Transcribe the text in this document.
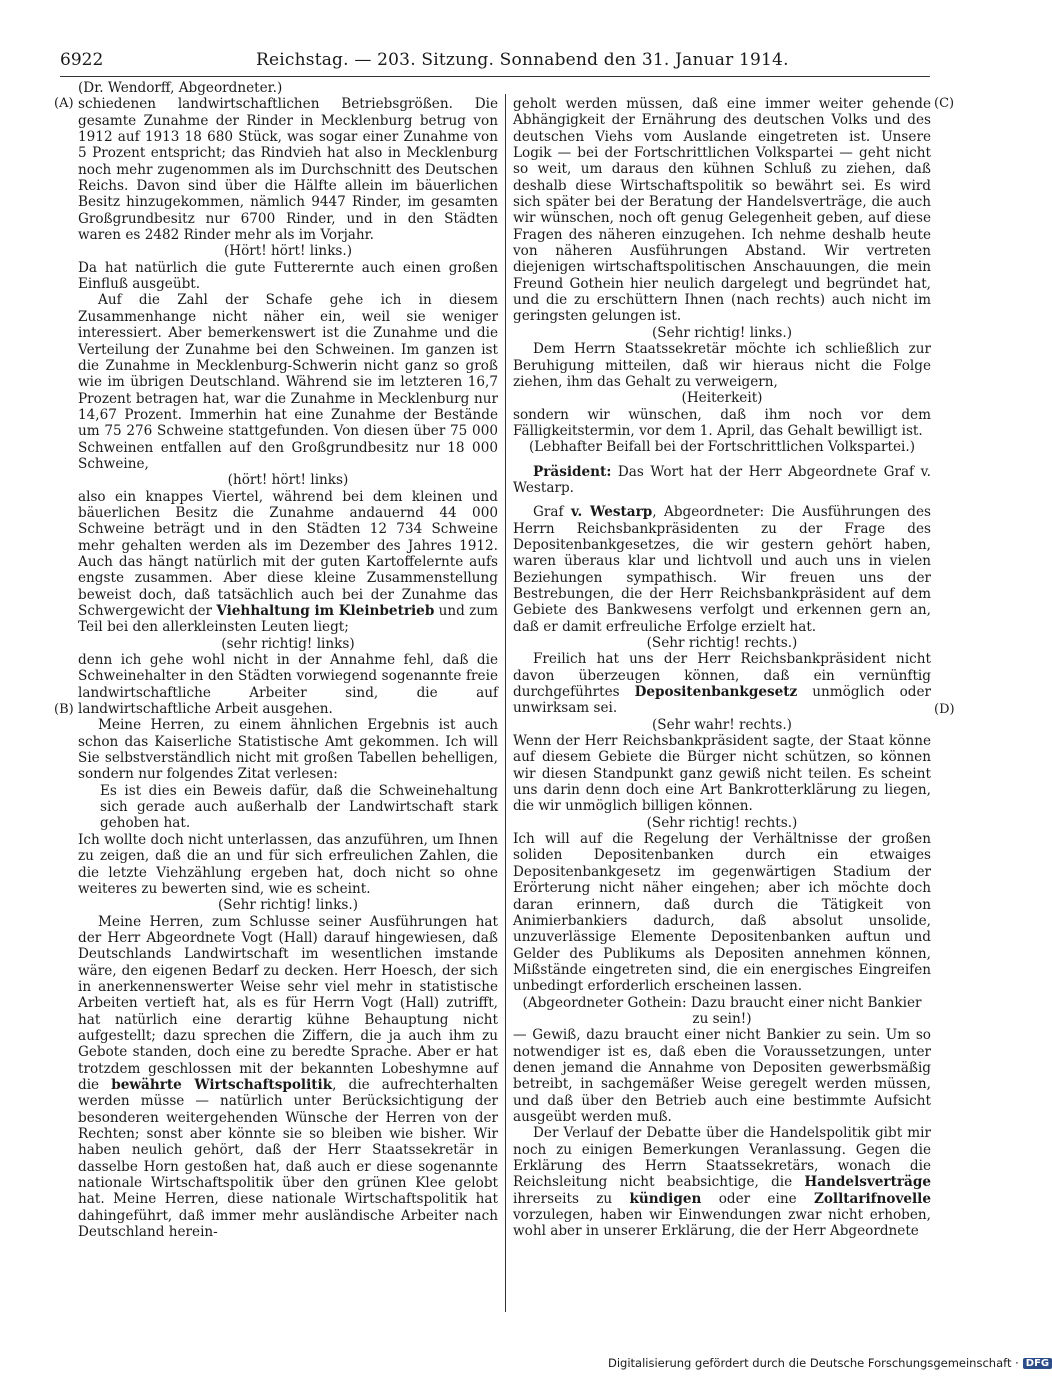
6922	Reichstag. — 203. Sitzung. Sonnabend den 31. Januar 1914.
(A)
(B)
(C)
(D)

(Dr. Wendorff, Abgeordneter.)

schiedenen landwirtschaftlichen Betriebsgrößen. Die gesamte Zunahme der Rinder in Mecklenburg betrug von 1912 auf 1913 18 680 Stück, was sogar einer Zunahme von 5 Prozent entspricht; das Rindvieh hat also in Mecklenburg noch mehr zugenommen als im Durchschnitt des Deutschen Reichs. Davon sind über die Hälfte allein im bäuerlichen Besitz hinzugekommen, nämlich 9447 Rinder, im gesamten Großgrundbesitz nur 6700 Rinder, und in den Städten waren es 2482 Rinder mehr als im Vorjahr.

(Hört! hört! links.)

Da hat natürlich die gute Futterernte auch einen großen Einfluß ausgeübt.

Auf die Zahl der Schafe gehe ich in diesem Zusammenhange nicht näher ein, weil sie weniger interessiert. Aber bemerkenswert ist die Zunahme und die Verteilung der Zunahme bei den Schweinen. Im ganzen ist die Zunahme in Mecklenburg-Schwerin nicht ganz so groß wie im übrigen Deutschland. Während sie im letzteren 16,7 Prozent betragen hat, war die Zunahme in Mecklenburg nur 14,67 Prozent. Immerhin hat eine Zunahme der Bestände um 75 276 Schweine stattgefunden. Von diesen über 75 000 Schweinen entfallen auf den Großgrundbesitz nur 18 000 Schweine,

(hört! hört! links)

also ein knappes Viertel, während bei dem kleinen und bäuerlichen Besitz die Zunahme andauernd 44 000 Schweine beträgt und in den Städten 12 734 Schweine mehr gehalten werden als im Dezember des Jahres 1912. Auch das hängt natürlich mit der guten Kartoffelernte aufs engste zusammen. Aber diese kleine Zusammenstellung beweist doch, daß tatsächlich auch bei der Zunahme das Schwergewicht der Viehhaltung im Kleinbetrieb und zum Teil bei den allerkleinsten Leuten liegt;

(sehr richtig! links)

denn ich gehe wohl nicht in der Annahme fehl, daß die Schweinehalter in den Städten vorwiegend sogenannte freie landwirtschaftliche Arbeiter sind, die auf landwirtschaftliche Arbeit ausgehen.

Meine Herren, zu einem ähnlichen Ergebnis ist auch schon das Kaiserliche Statistische Amt gekommen. Ich will Sie selbstverständlich nicht mit großen Tabellen behelligen, sondern nur folgendes Zitat verlesen:

Es ist dies ein Beweis dafür, daß die Schweinehaltung sich gerade auch außerhalb der Landwirtschaft stark gehoben hat.

Ich wollte doch nicht unterlassen, das anzuführen, um Ihnen zu zeigen, daß die an und für sich erfreulichen Zahlen, die die letzte Viehzählung ergeben hat, doch nicht so ohne weiteres zu bewerten sind, wie es scheint.

(Sehr richtig! links.)

Meine Herren, zum Schlusse seiner Ausführungen hat der Herr Abgeordnete Vogt (Hall) darauf hingewiesen, daß Deutschlands Landwirtschaft im wesentlichen imstande wäre, den eigenen Bedarf zu decken. Herr Hoesch, der sich in anerkennenswerter Weise sehr viel mehr in statistische Arbeiten vertieft hat, als es für Herrn Vogt (Hall) zutrifft, hat natürlich eine derartig kühne Behauptung nicht aufgestellt; dazu sprechen die Ziffern, die ja auch ihm zu Gebote standen, doch eine zu beredte Sprache. Aber er hat trotzdem geschlossen mit der bekannten Lobeshymne auf die bewährte Wirtschaftspolitik, die aufrechterhalten werden müsse — natürlich unter Berücksichtigung der besonderen weitergehenden Wünsche der Herren von der Rechten; sonst aber könnte sie so bleiben wie bisher. Wir haben neulich gehört, daß der Herr Staatssekretär in dasselbe Horn gestoßen hat, daß auch er diese sogenannte nationale Wirtschaftspolitik über den grünen Klee gelobt hat. Meine Herren, diese nationale Wirtschaftspolitik hat dahingeführt, daß immer mehr ausländische Arbeiter nach Deutschland herein-

geholt werden müssen, daß eine immer weiter gehende Abhängigkeit der Ernährung des deutschen Volks und des deutschen Viehs vom Auslande eingetreten ist. Unsere Logik — bei der Fortschrittlichen Volkspartei — geht nicht so weit, um daraus den kühnen Schluß zu ziehen, daß deshalb diese Wirtschaftspolitik so bewährt sei. Es wird sich später bei der Beratung der Handelsverträge, die auch wir wünschen, noch oft genug Gelegenheit geben, auf diese Fragen des näheren einzugehen. Ich nehme deshalb heute von näheren Ausführungen Abstand. Wir vertreten diejenigen wirtschaftspolitischen Anschauungen, die mein Freund Gothein hier neulich dargelegt und begründet hat, und die zu erschüttern Ihnen (nach rechts) auch nicht im geringsten gelungen ist.

(Sehr richtig! links.)

Dem Herrn Staatssekretär möchte ich schließlich zur Beruhigung mitteilen, daß wir hieraus nicht die Folge ziehen, ihm das Gehalt zu verweigern,

(Heiterkeit)

sondern wir wünschen, daß ihm noch vor dem Fälligkeitstermin, vor dem 1. April, das Gehalt bewilligt ist.

(Lebhafter Beifall bei der Fortschrittlichen Volkspartei.)

Präsident: Das Wort hat der Herr Abgeordnete Graf v. Westarp.

Graf v. Westarp, Abgeordneter: Die Ausführungen des Herrn Reichsbankpräsidenten zu der Frage des Depositenbankgesetzes, die wir gestern gehört haben, waren überaus klar und lichtvoll und auch uns in vielen Beziehungen sympathisch. Wir freuen uns der Bestrebungen, die der Herr Reichsbankpräsident auf dem Gebiete des Bankwesens verfolgt und erkennen gern an, daß er damit erfreuliche Erfolge erzielt hat.

(Sehr richtig! rechts.)

Freilich hat uns der Herr Reichsbankpräsident nicht davon überzeugen können, daß ein vernünftig durchgeführtes Depositenbankgesetz unmöglich oder unwirksam sei.

(Sehr wahr! rechts.)

Wenn der Herr Reichsbankpräsident sagte, der Staat könne auf diesem Gebiete die Bürger nicht schützen, so können wir diesen Standpunkt ganz gewiß nicht teilen. Es scheint uns darin denn doch eine Art Bankrotterklärung zu liegen, die wir unmöglich billigen können.

(Sehr richtig! rechts.)

Ich will auf die Regelung der Verhältnisse der großen soliden Depositenbanken durch ein etwaiges Depositenbankgesetz im gegenwärtigen Stadium der Erörterung nicht näher eingehen; aber ich möchte doch daran erinnern, daß durch die Tätigkeit von Animierbankiers dadurch, daß absolut unsolide, unzuverlässige Elemente Depositenbanken auftun und Gelder des Publikums als Depositen annehmen können, Mißstände eingetreten sind, die ein energisches Eingreifen unbedingt erforderlich erscheinen lassen.

(Abgeordneter Gothein: Dazu braucht einer nicht Bankier zu sein!)

— Gewiß, dazu braucht einer nicht Bankier zu sein. Um so notwendiger ist es, daß eben die Voraussetzungen, unter denen jemand die Annahme von Depositen gewerbsmäßig betreibt, in sachgemäßer Weise geregelt werden müssen, und daß über den Betrieb auch eine bestimmte Aufsicht ausgeübt werden muß.

Der Verlauf der Debatte über die Handelspolitik gibt mir noch zu einigen Bemerkungen Veranlassung. Gegen die Erklärung des Herrn Staatssekretärs, wonach die Reichsleitung nicht beabsichtige, die Handelsverträge ihrerseits zu kündigen oder eine Zolltarifnovelle vorzulegen, haben wir Einwendungen zwar nicht erhoben, wohl aber in unserer Erklärung, die der Herr Abgeordnete

Digitalisierung gefördert durch die Deutsche Forschungsgemeinschaft · DFG
